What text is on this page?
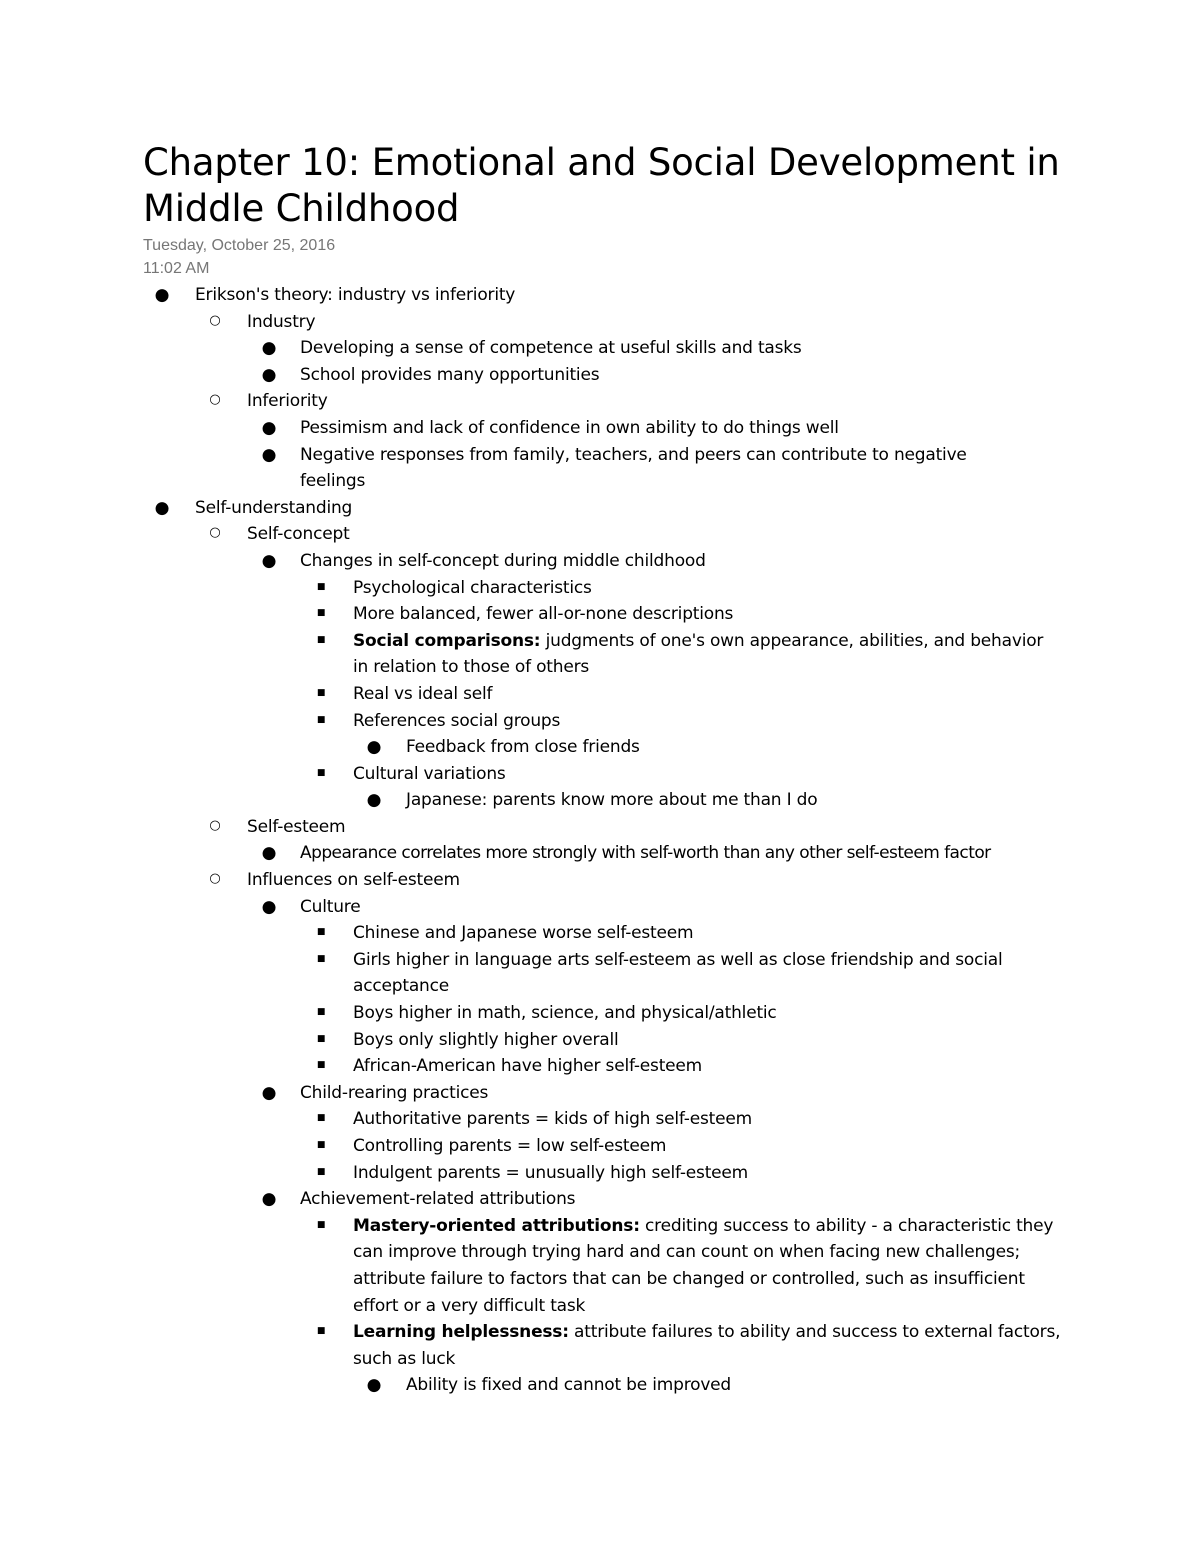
Chapter 10: Emotional and Social Development in Middle Childhood
Tuesday, October 25, 2016
11:02 AM
● Erikson's theory: industry vs inferiority
○ Industry
● Developing a sense of competence at useful skills and tasks
● School provides many opportunities
○ Inferiority
● Pessimism and lack of confidence in own ability to do things well
● Negative responses from family, teachers, and peers can contribute to negative feelings
● Self-understanding
○ Self-concept
● Changes in self-concept during middle childhood
■	Psychological characteristics
■	More balanced, fewer all-or-none descriptions
■	Social comparisons: judgments of one's own appearance, abilities, and behavior in relation to those of others
■	Real vs ideal self
■	References social groups
● Feedback from close friends
■	Cultural variations
● Japanese: parents know more about me than I do
○ Self-esteem
● Appearance correlates more strongly with self-worth than any other self-esteem factor
○ Influences on self-esteem
● Culture
■	Chinese and Japanese worse self-esteem
■	Girls higher in language arts self-esteem as well as close friendship and social acceptance
■	Boys higher in math, science, and physical/athletic
■	Boys only slightly higher overall
■	African-American have higher self-esteem
● Child-rearing practices
■	Authoritative parents = kids of high self-esteem
■	Controlling parents = low self-esteem
■	Indulgent parents = unusually high self-esteem
● Achievement-related attributions
■	Mastery-oriented attributions: crediting success to ability - a characteristic they can improve through trying hard and can count on when facing new challenges; attribute failure to factors that can be changed or controlled, such as insufficient effort or a very difficult task
■	Learning helplessness: attribute failures to ability and success to external factors, such as luck
● Ability is fixed and cannot be improved
